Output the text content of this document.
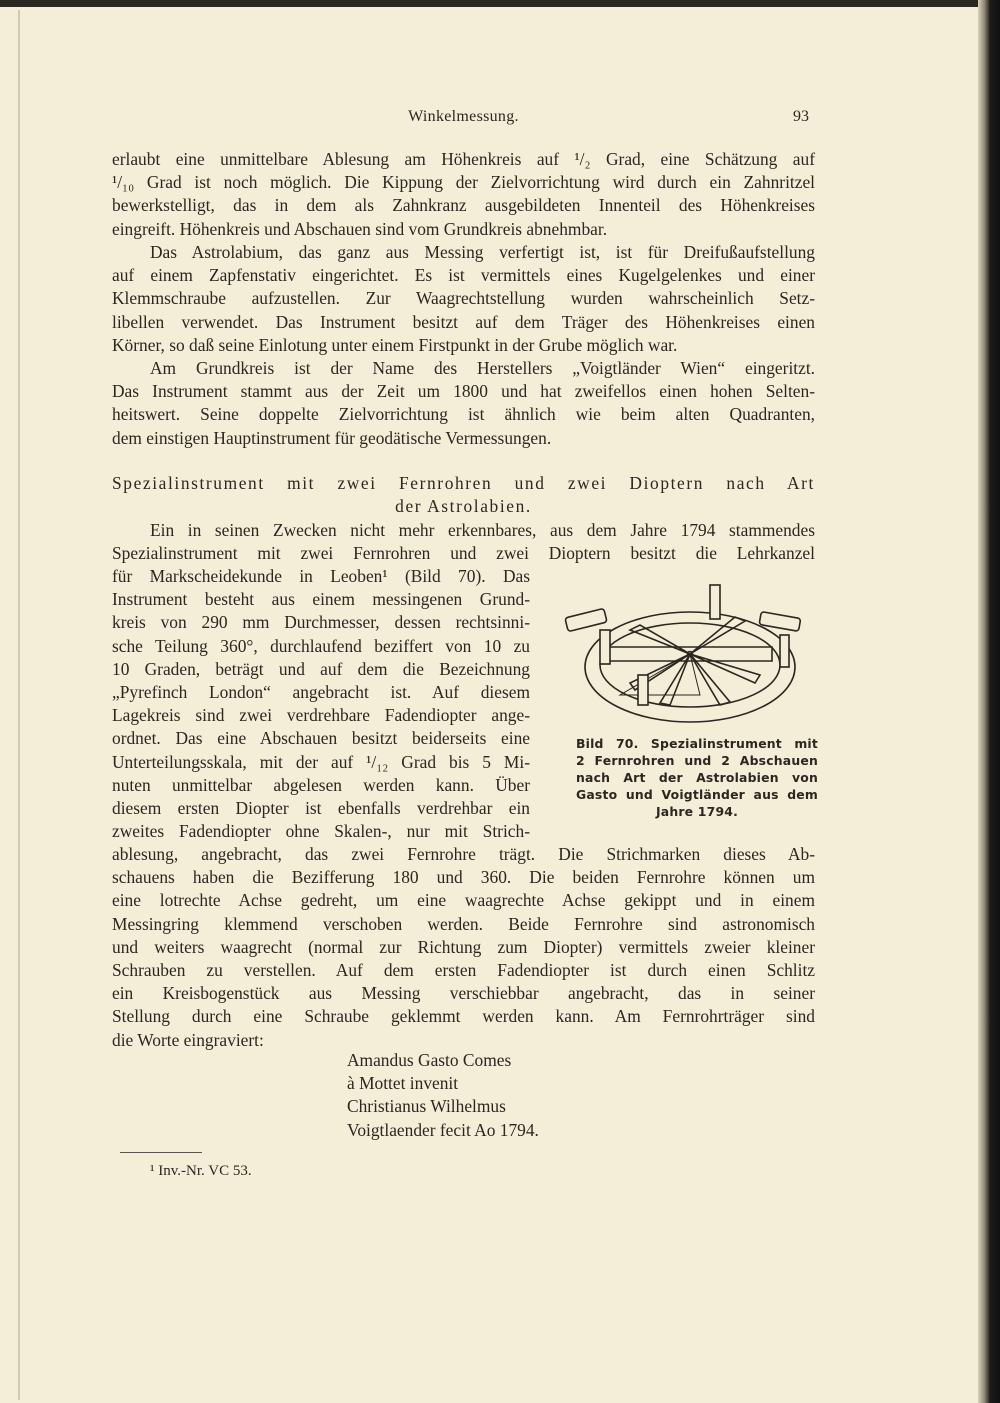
Winkelmessung.	93
erlaubt eine unmittelbare Ablesung am Höhenkreis auf ¹/₂ Grad, eine Schätzung auf
¹/₁₀ Grad ist noch möglich. Die Kippung der Zielvorrichtung wird durch ein Zahnritzel
bewerkstelligt, das in dem als Zahnkranz ausgebildeten Innenteil des Höhenkreises
eingreift. Höhenkreis und Abschauen sind vom Grundkreis abnehmbar.
Das Astrolabium, das ganz aus Messing verfertigt ist, ist für Dreifußaufstellung
auf einem Zapfenstativ eingerichtet. Es ist vermittels eines Kugelgelenkes und einer
Klemmschraube aufzustellen. Zur Waagrechtstellung wurden wahrscheinlich Setz-
libellen verwendet. Das Instrument besitzt auf dem Träger des Höhenkreises einen
Körner, so daß seine Einlotung unter einem Firstpunkt in der Grube möglich war.
Am Grundkreis ist der Name des Herstellers „Voigtländer Wien“ eingeritzt.
Das Instrument stammt aus der Zeit um 1800 und hat zweifellos einen hohen Selten-
heitswert. Seine doppelte Zielvorrichtung ist ähnlich wie beim alten Quadranten,
dem einstigen Hauptinstrument für geodätische Vermessungen.
Spezialinstrument mit zwei Fernrohren und zwei Dioptern nach Art
der Astrolabien.
Ein in seinen Zwecken nicht mehr erkennbares, aus dem Jahre 1794 stammendes
Spezialinstrument mit zwei Fernrohren und zwei Dioptern besitzt die Lehrkanzel
für Markscheidekunde in Leoben¹ (Bild 70). Das
Instrument besteht aus einem messingenen Grund-
kreis von 290 mm Durchmesser, dessen rechtsinni-
sche Teilung 360°, durchlaufend beziffert von 10 zu
10 Graden, beträgt und auf dem die Bezeichnung
„Pyrefinch London“ angebracht ist. Auf diesem
Lagekreis sind zwei verdrehbare Fadendiopter ange-
ordnet. Das eine Abschauen besitzt beiderseits eine
Unterteilungsskala, mit der auf ¹/₁₂ Grad bis 5 Mi-
nuten unmittelbar abgelesen werden kann. Über
diesem ersten Diopter ist ebenfalls verdrehbar ein
zweites Fadendiopter ohne Skalen-, nur mit Strich-
ablesung, angebracht, das zwei Fernrohre trägt. Die Strichmarken dieses Ab-
schauens haben die Bezifferung 180 und 360. Die beiden Fernrohre können um
eine lotrechte Achse gedreht, um eine waagrechte Achse gekippt und in einem
Messingring klemmend verschoben werden. Beide Fernrohre sind astronomisch
und weiters waagrecht (normal zur Richtung zum Diopter) vermittels zweier kleiner
Schrauben zu verstellen. Auf dem ersten Fadendiopter ist durch einen Schlitz
ein Kreisbogenstück aus Messing verschiebbar angebracht, das in seiner
Stellung durch eine Schraube geklemmt werden kann. Am Fernrohrträger sind
die Worte eingraviert:
Amandus Gasto Comes
à Mottet invenit
Christianus Wilhelmus
Voigtlaender fecit Ao 1794.
Bild 70. Spezialinstrument mit
2 Fernrohren und 2 Abschauen
nach Art der Astrolabien von
Gasto und Voigtländer aus dem
Jahre 1794.
¹ Inv.-Nr. VC 53.
